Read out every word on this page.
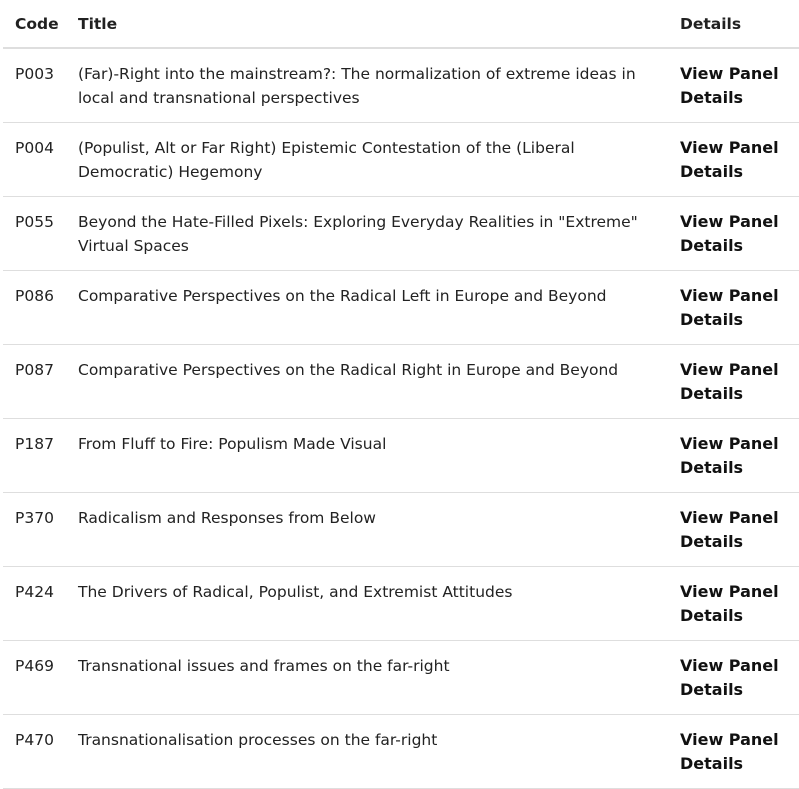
Code	Title	Details
P003	(Far)-Right into the mainstream?: The normalization of extreme ideas in local and transnational perspectives	View Panel Details

P004	(Populist, Alt or Far Right) Epistemic Contestation of the (Liberal Democratic) Hegemony	View Panel Details

P055	Beyond the Hate-Filled Pixels: Exploring Everyday Realities in "Extreme" Virtual Spaces	View Panel Details

P086	Comparative Perspectives on the Radical Left in Europe and Beyond	View Panel Details

P087	Comparative Perspectives on the Radical Right in Europe and Beyond	View Panel Details

P187	From Fluff to Fire: Populism Made Visual	View Panel Details

P370	Radicalism and Responses from Below	View Panel Details

P424	The Drivers of Radical, Populist, and Extremist Attitudes	View Panel Details

P469	Transnational issues and frames on the far-right	View Panel Details

P470	Transnationalisation processes on the far-right	View Panel Details
